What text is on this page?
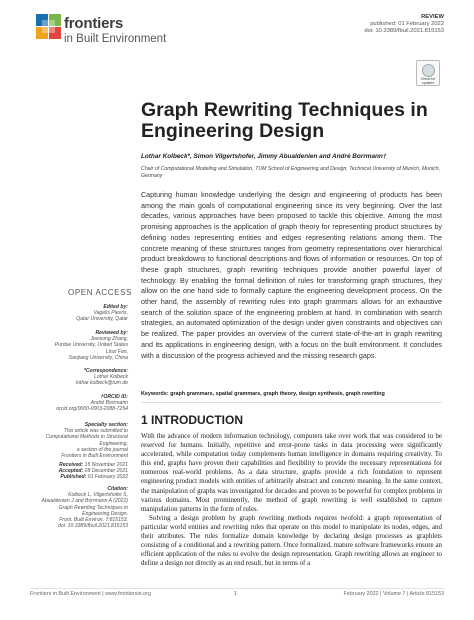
frontiers
in Built Environment
REVIEW
published: 01 February 2022
doi: 10.3389/fbuil.2021.815153
Check for updates
Graph Rewriting Techniques in Engineering Design
Lothar Kolbeck*, Simon Vilgertshofer, Jimmy Abualdenien and André Borrmann†
Chair of Computational Modeling and Simulation, TUM School of Engineering and Design, Technical University of Munich, Munich, Germany
Capturing human knowledge underlying the design and engineering of products has been among the main goals of computational engineering since its very beginning. Over the last decades, various approaches have been proposed to tackle this objective. Among the most promising approaches is the application of graph theory for representing product structures by defining nodes representing entities and edges representing relations among them. The concrete meaning of these structures ranges from geometry representations over hierarchical product breakdowns to functional descriptions and flows of information or resources. On top of these graph structures, graph rewriting techniques provide another powerful layer of technology. By enabling the formal definition of rules for transforming graph structures, they allow on the one hand side to formally capture the engineering development process. On the other hand, the assembly of rewriting rules into graph grammars allows for an exhaustive search of the solution space of the engineering problem at hand. In combination with search strategies, an automated optimization of the design under given constraints and objectives can be realized. The paper provides an overview of the current state-of-the-art in graph rewriting and its applications in engineering design, with a focus on the built environment. It concludes with a discussion of the progress achieved and the missing research gaps.
Keywords: graph grammars, spatial grammars, graph theory, design synthesis, graph rewriting
1 INTRODUCTION

With the advance of modern information technology, computers take over work that was considered to be reserved for humans. Initially, repetitive and error-prone tasks in data processing were significantly accelerated, while computation today complements human intelligence in domains requiring creativity. To this end, graphs have proven their capabilities and flexibility to provide the necessary representations for numerous real-world problems. As a data structure, graphs provide a rich foundation to represent engineering product models with entities of arbitrarily abstract and concrete meaning. In the same context, the manipulation of graphs was investigated for decades and proven to be powerful for complex problems in various domains. Most prominently, the method of graph rewriting is well established to capture manipulation patterns in the form of rules.

Solving a design problem by graph rewriting methods requires twofold: a graph representation of particular world entities and rewriting rules that operate on this model to manipulate its nodes, edges, and their attributes. The rules formalize domain knowledge by declaring design processes as graphlets consisting of a conditional and a rewriting pattern. Once formalized, mature software frameworks ensure an efficient application of the rules to evolve the design representation. Graph rewriting allows an engineer to define a design not directly as an end result, but in terms of a

OPEN ACCESS
Edited by:
Vagelis Plevris,
Qatar University, Qatar
Reviewed by:
Jiansong Zhang,
Purdue University, United States
Linzi Fan,
Sanjiang University, China
*Correspondence:
Lothar Kolbeck
lothar.kolbeck@tum.de
†ORCID iD:
André Borrmann
orcid.org/0000-0003-2088-7254
Specialty section:
This article was submitted to
Computational Methods in Structural
Engineering,
a section of the journal
Frontiers in Built Environment
Received: 15 November 2021
Accepted: 28 December 2021
Published: 01 February 2022
Citation:
Kolbeck L, Vilgertshofer S,
Abualdenien J and Borrmann A (2022)
Graph Rewriting Techniques in
Engineering Design.
Front. Built Environ. 7:815153.
doi: 10.3389/fbuil.2021.815153
Frontiers in Built Environment | www.frontiersin.org	1	February 2022 | Volume 7 | Article 815153
